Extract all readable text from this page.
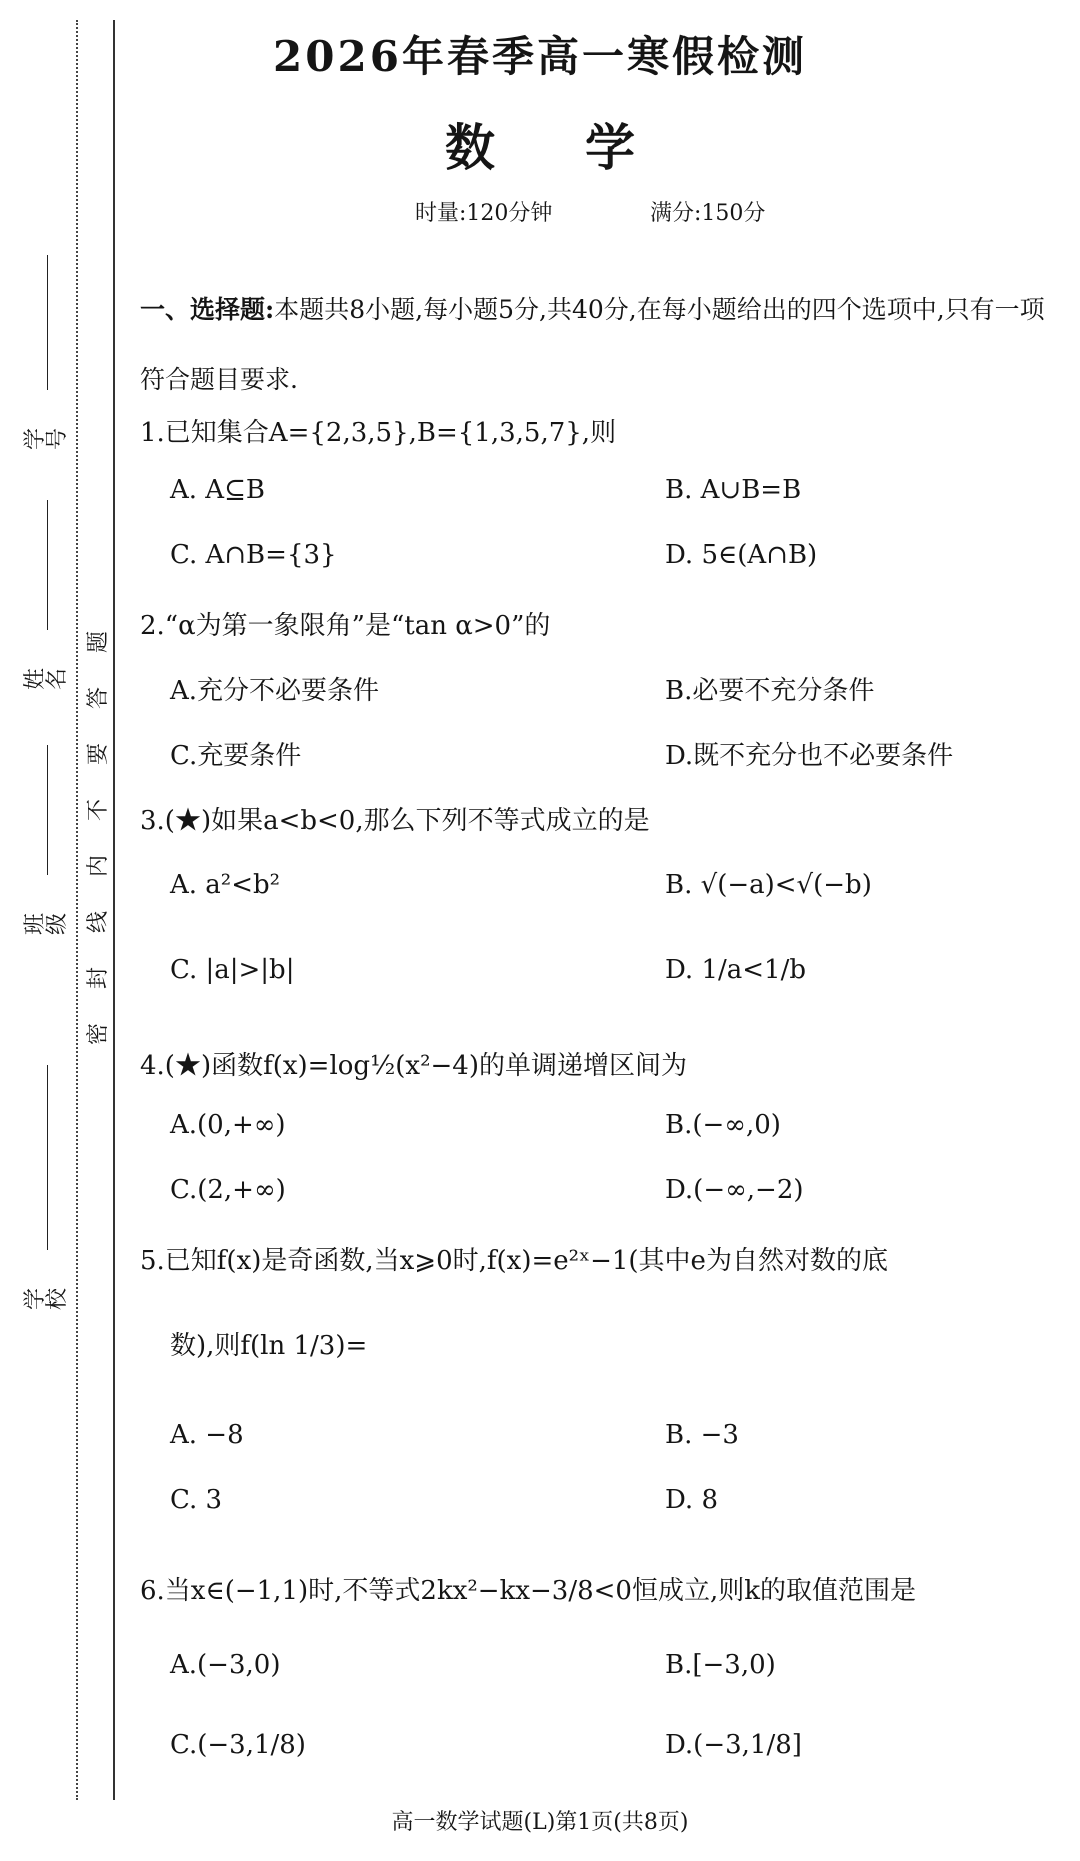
学号
姓名
班级
学校
题
答
要
不
内
线
封
密
2026年春季高一寒假检测
数学
时量:120分钟	满分:150分

一、选择题:本题共8小题,每小题5分,共40分,在每小题给出的四个选项中,只有一项符合题目要求.

1.已知集合A={2,3,5},B={1,3,5,7},则

A. A⊆B	B. A∪B=B

C. A∩B={3}	D. 5∈(A∩B)

2.“α为第一象限角”是“tan α>0”的

A.充分不必要条件	B.必要不充分条件

C.充要条件	D.既不充分也不必要条件

3.(★)如果a<b<0,那么下列不等式成立的是

A. a²<b²	B. √(−a)<√(−b)

C. |a|>|b|	D. 1/a<1/b

4.(★)函数f(x)=log½(x²−4)的单调递增区间为

A.(0,+∞)	B.(−∞,0)

C.(2,+∞)	D.(−∞,−2)

5.已知f(x)是奇函数,当x⩾0时,f(x)=e²ˣ−1(其中e为自然对数的底

数),则f(ln 1/3)=

A. −8	B. −3

C. 3	D. 8

6.当x∈(−1,1)时,不等式2kx²−kx−3/8<0恒成立,则k的取值范围是

A.(−3,0)	B.[−3,0)

C.(−3,1/8)	D.(−3,1/8]

高一数学试题(L)第1页(共8页)
